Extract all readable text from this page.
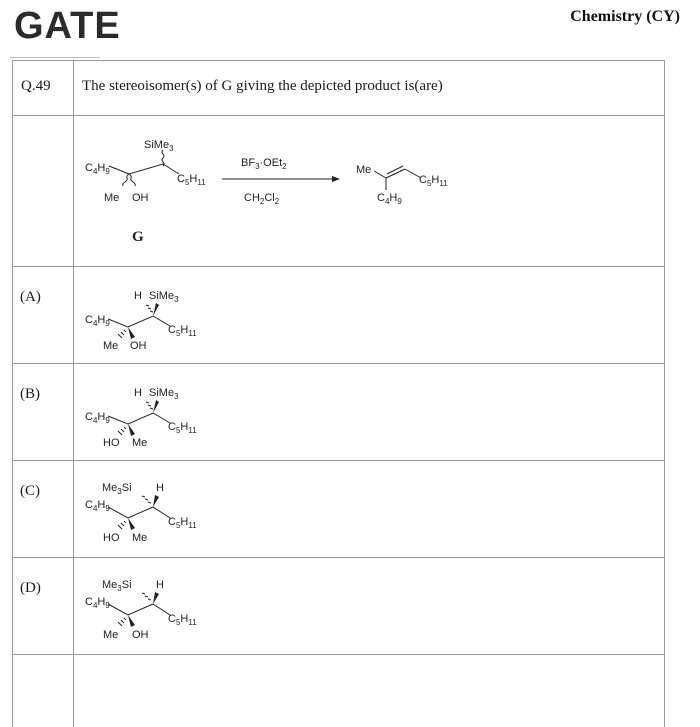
GATE 2023	Chemistry (CY)
Q.49	The stereoisomer(s) of G giving the depicted product is(are)

SiMe$_3$
$C_4H_9$
$C_5H_{11}$
Me OH
G
$BF_3\cdot OEt_2$
$CH_2Cl_2$
Me
$C_5H_{11}$
$C_4H_9$

(A)	H SiMe$_3$
$C_4H_9$
$C_5H_{11}$
Me OH

(B)	H SiMe$_3$
$C_4H_9$
$C_5H_{11}$
HO Me

(C)	$Me_3Si$ H
$C_4H_9$
$C_5H_{11}$
HO Me

(D)	$Me_3Si$ H
$C_4H_9$
$C_5H_{11}$
Me OH
